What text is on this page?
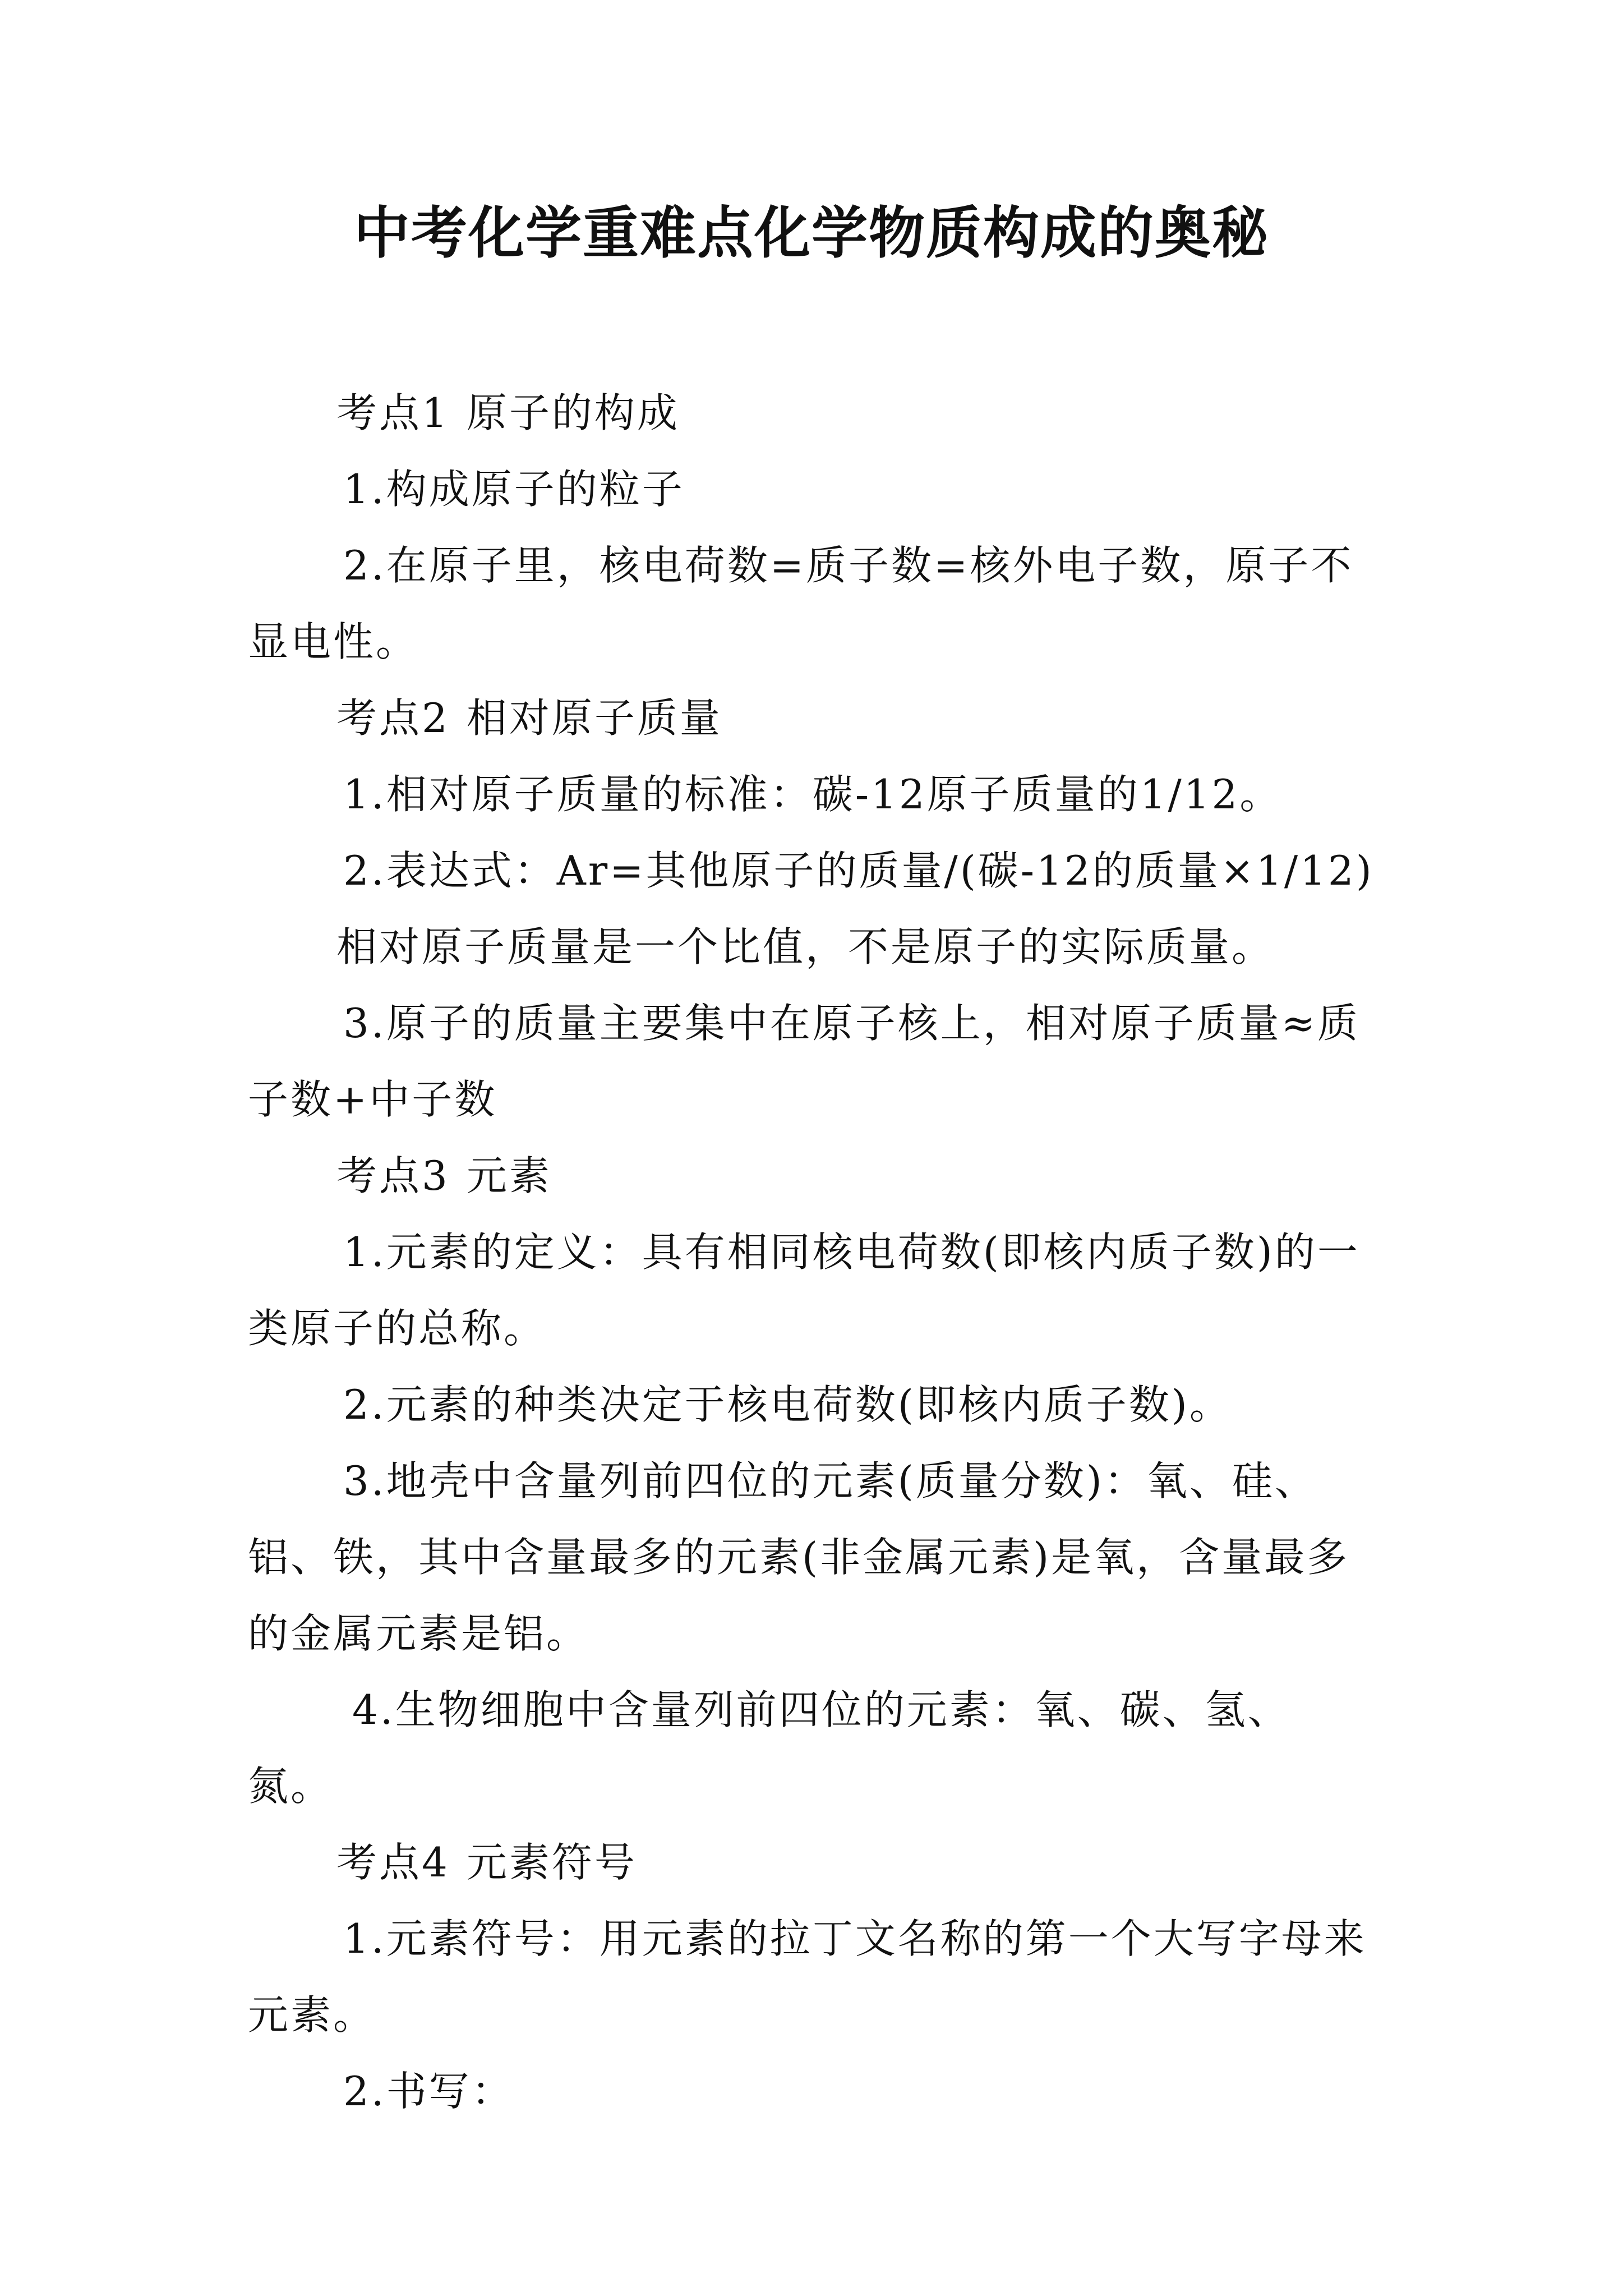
中考化学重难点化学物质构成的奥秘

考点1 原子的构成

1.构成原子的粒子

2.在原子里，核电荷数=质子数=核外电子数，原子不显电性。

考点2 相对原子质量

1.相对原子质量的标准：碳-12原子质量的1/12。

2.表达式：Ar=其他原子的质量/(碳-12的质量×1/12)

相对原子质量是一个比值，不是原子的实际质量。

3.原子的质量主要集中在原子核上，相对原子质量≈质子数+中子数

考点3 元素

1.元素的定义：具有相同核电荷数(即核内质子数)的一类原子的总称。

2.元素的种类决定于核电荷数(即核内质子数)。

3.地壳中含量列前四位的元素(质量分数)：氧、硅、铝、铁，其中含量最多的元素(非金属元素)是氧，含量最多的金属元素是铝。

4.生物细胞中含量列前四位的元素：氧、碳、氢、氮。

考点4 元素符号

1.元素符号：用元素的拉丁文名称的第一个大写字母来元素。

2.书写：
